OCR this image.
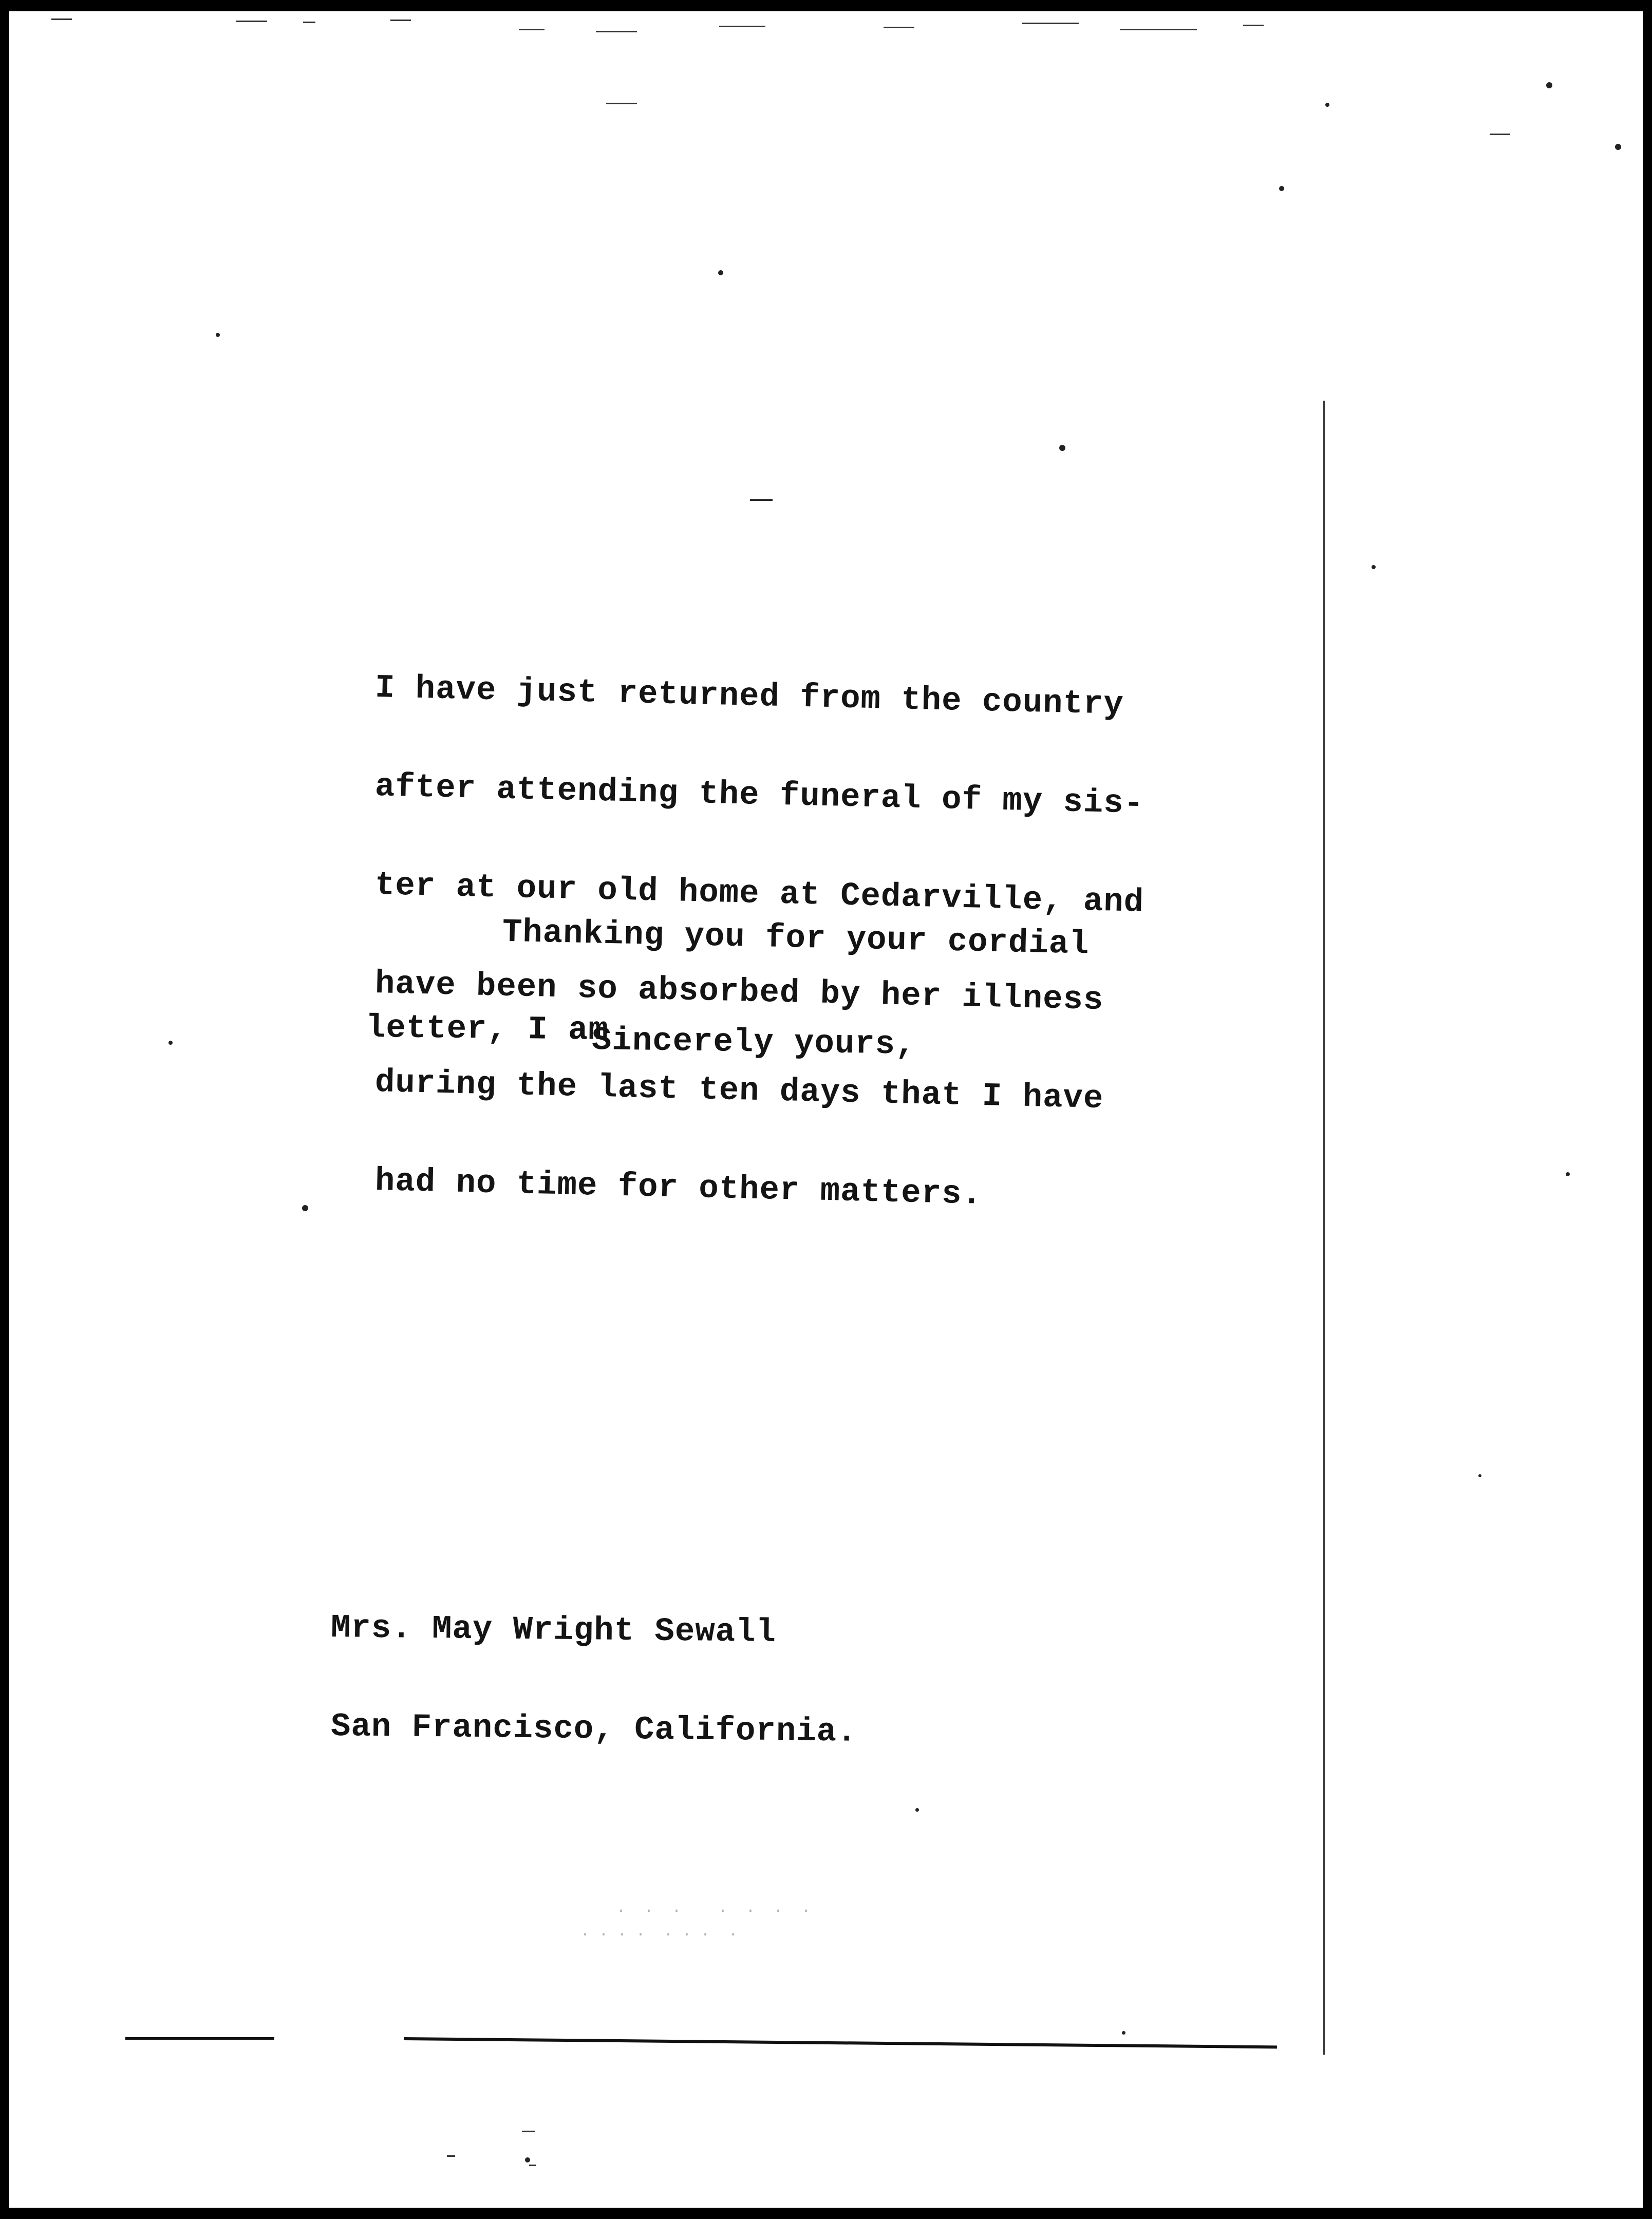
I have just returned from the country

after attending the funeral of my sis-

ter at our old home at Cedarville, and

have been so absorbed by her illness

during the last ten days that I have

had no time for other matters.

Thanking you for your cordial

letter, I am

Sincerely yours,

Mrs. May Wright Sewall

San Francisco, California.

.  .  .    .  .  .  .
. . . .  . . .  .
